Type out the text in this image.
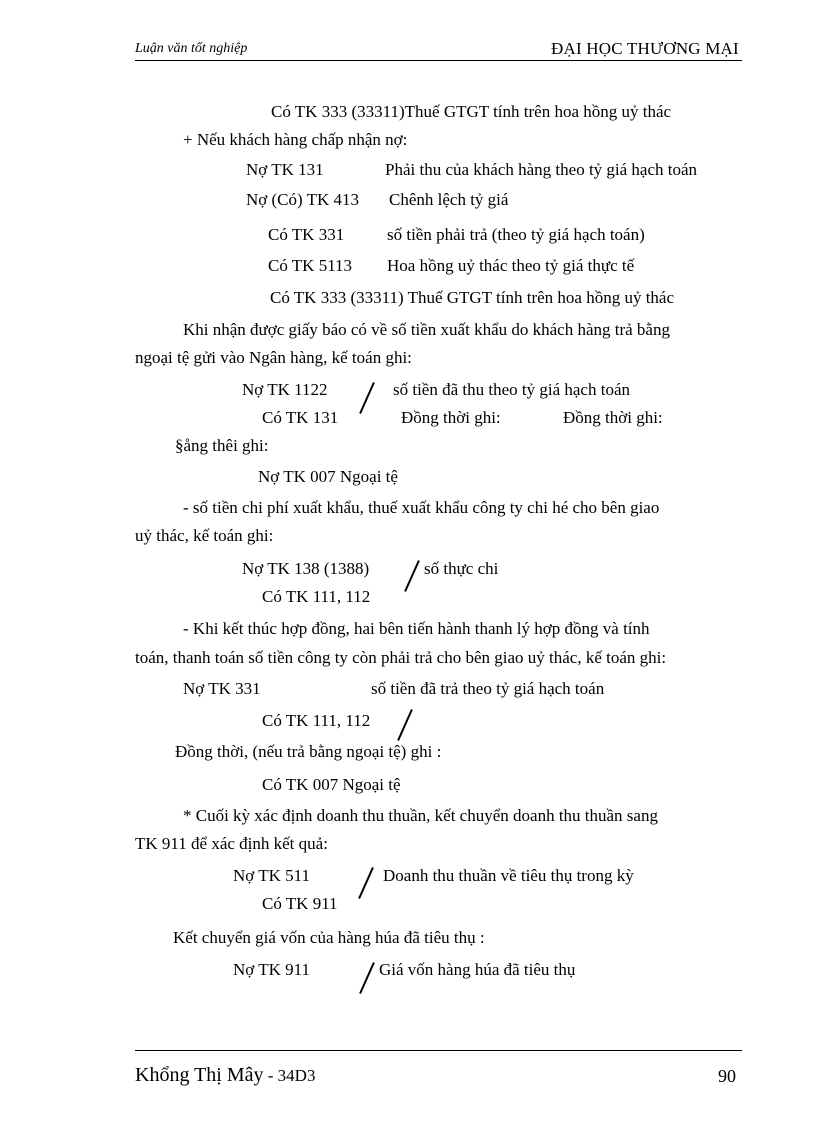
Luận văn tốt nghiệp	ĐẠI HỌC THƯƠNG MẠI
Có TK 333 (33311)Thuế GTGT tính trên hoa hồng uỷ thác
+ Nếu khách hàng chấp nhận nợ:
Nợ TK 131	Phải thu của khách hàng theo tỷ giá hạch toán
Nợ (Có) TK 413 Chênh lệch tỷ giá
Có TK 331	số tiền phải trả (theo tỷ giá hạch toán)
Có TK 5113 Hoa hồng uỷ thác theo tỷ giá thực tế
Có TK 333 (33311) Thuế GTGT tính trên hoa hồng uỷ thác
Khi nhận được giấy báo có về số tiền xuất khẩu do khách hàng trả bằng
ngoại tệ gửi vào Ngân hàng, kế toán ghi:
Nợ TK 1122	số tiền đã thu theo tỷ giá hạch toán
Có TK 131	Đồng thời ghi:	Đồng thời ghi:
§ång thêi ghi:
Nợ TK 007 Ngoại tệ
- số tiền chi phí xuất khẩu, thuế xuất khẩu công ty chi hé cho bên giao
uỷ thác, kế toán ghi:
Nợ TK 138 (1388)	số thực chi
Có TK 111, 112
- Khi kết thúc hợp đồng, hai bên tiến hành thanh lý hợp đồng và tính
toán, thanh toán số tiền công ty còn phải trả cho bên giao uỷ thác, kế toán ghi:
Nợ TK 331	số tiền đã trả theo tỷ giá hạch toán
Có TK 111, 112
Đồng thời, (nếu trả bằng ngoại tệ) ghi :
Có TK 007 Ngoại tệ
* Cuối kỳ xác định doanh thu thuần, kết chuyển doanh thu thuần sang
TK 911 để xác định kết quả:
Nợ TK 511	Doanh thu thuần về tiêu thụ trong kỳ
Có TK 911
Kết chuyển giá vốn của hàng húa đã tiêu thụ :
Nợ TK 911	Giá vốn hàng húa đã tiêu thụ
Khổng Thị Mây - 34D3	90
